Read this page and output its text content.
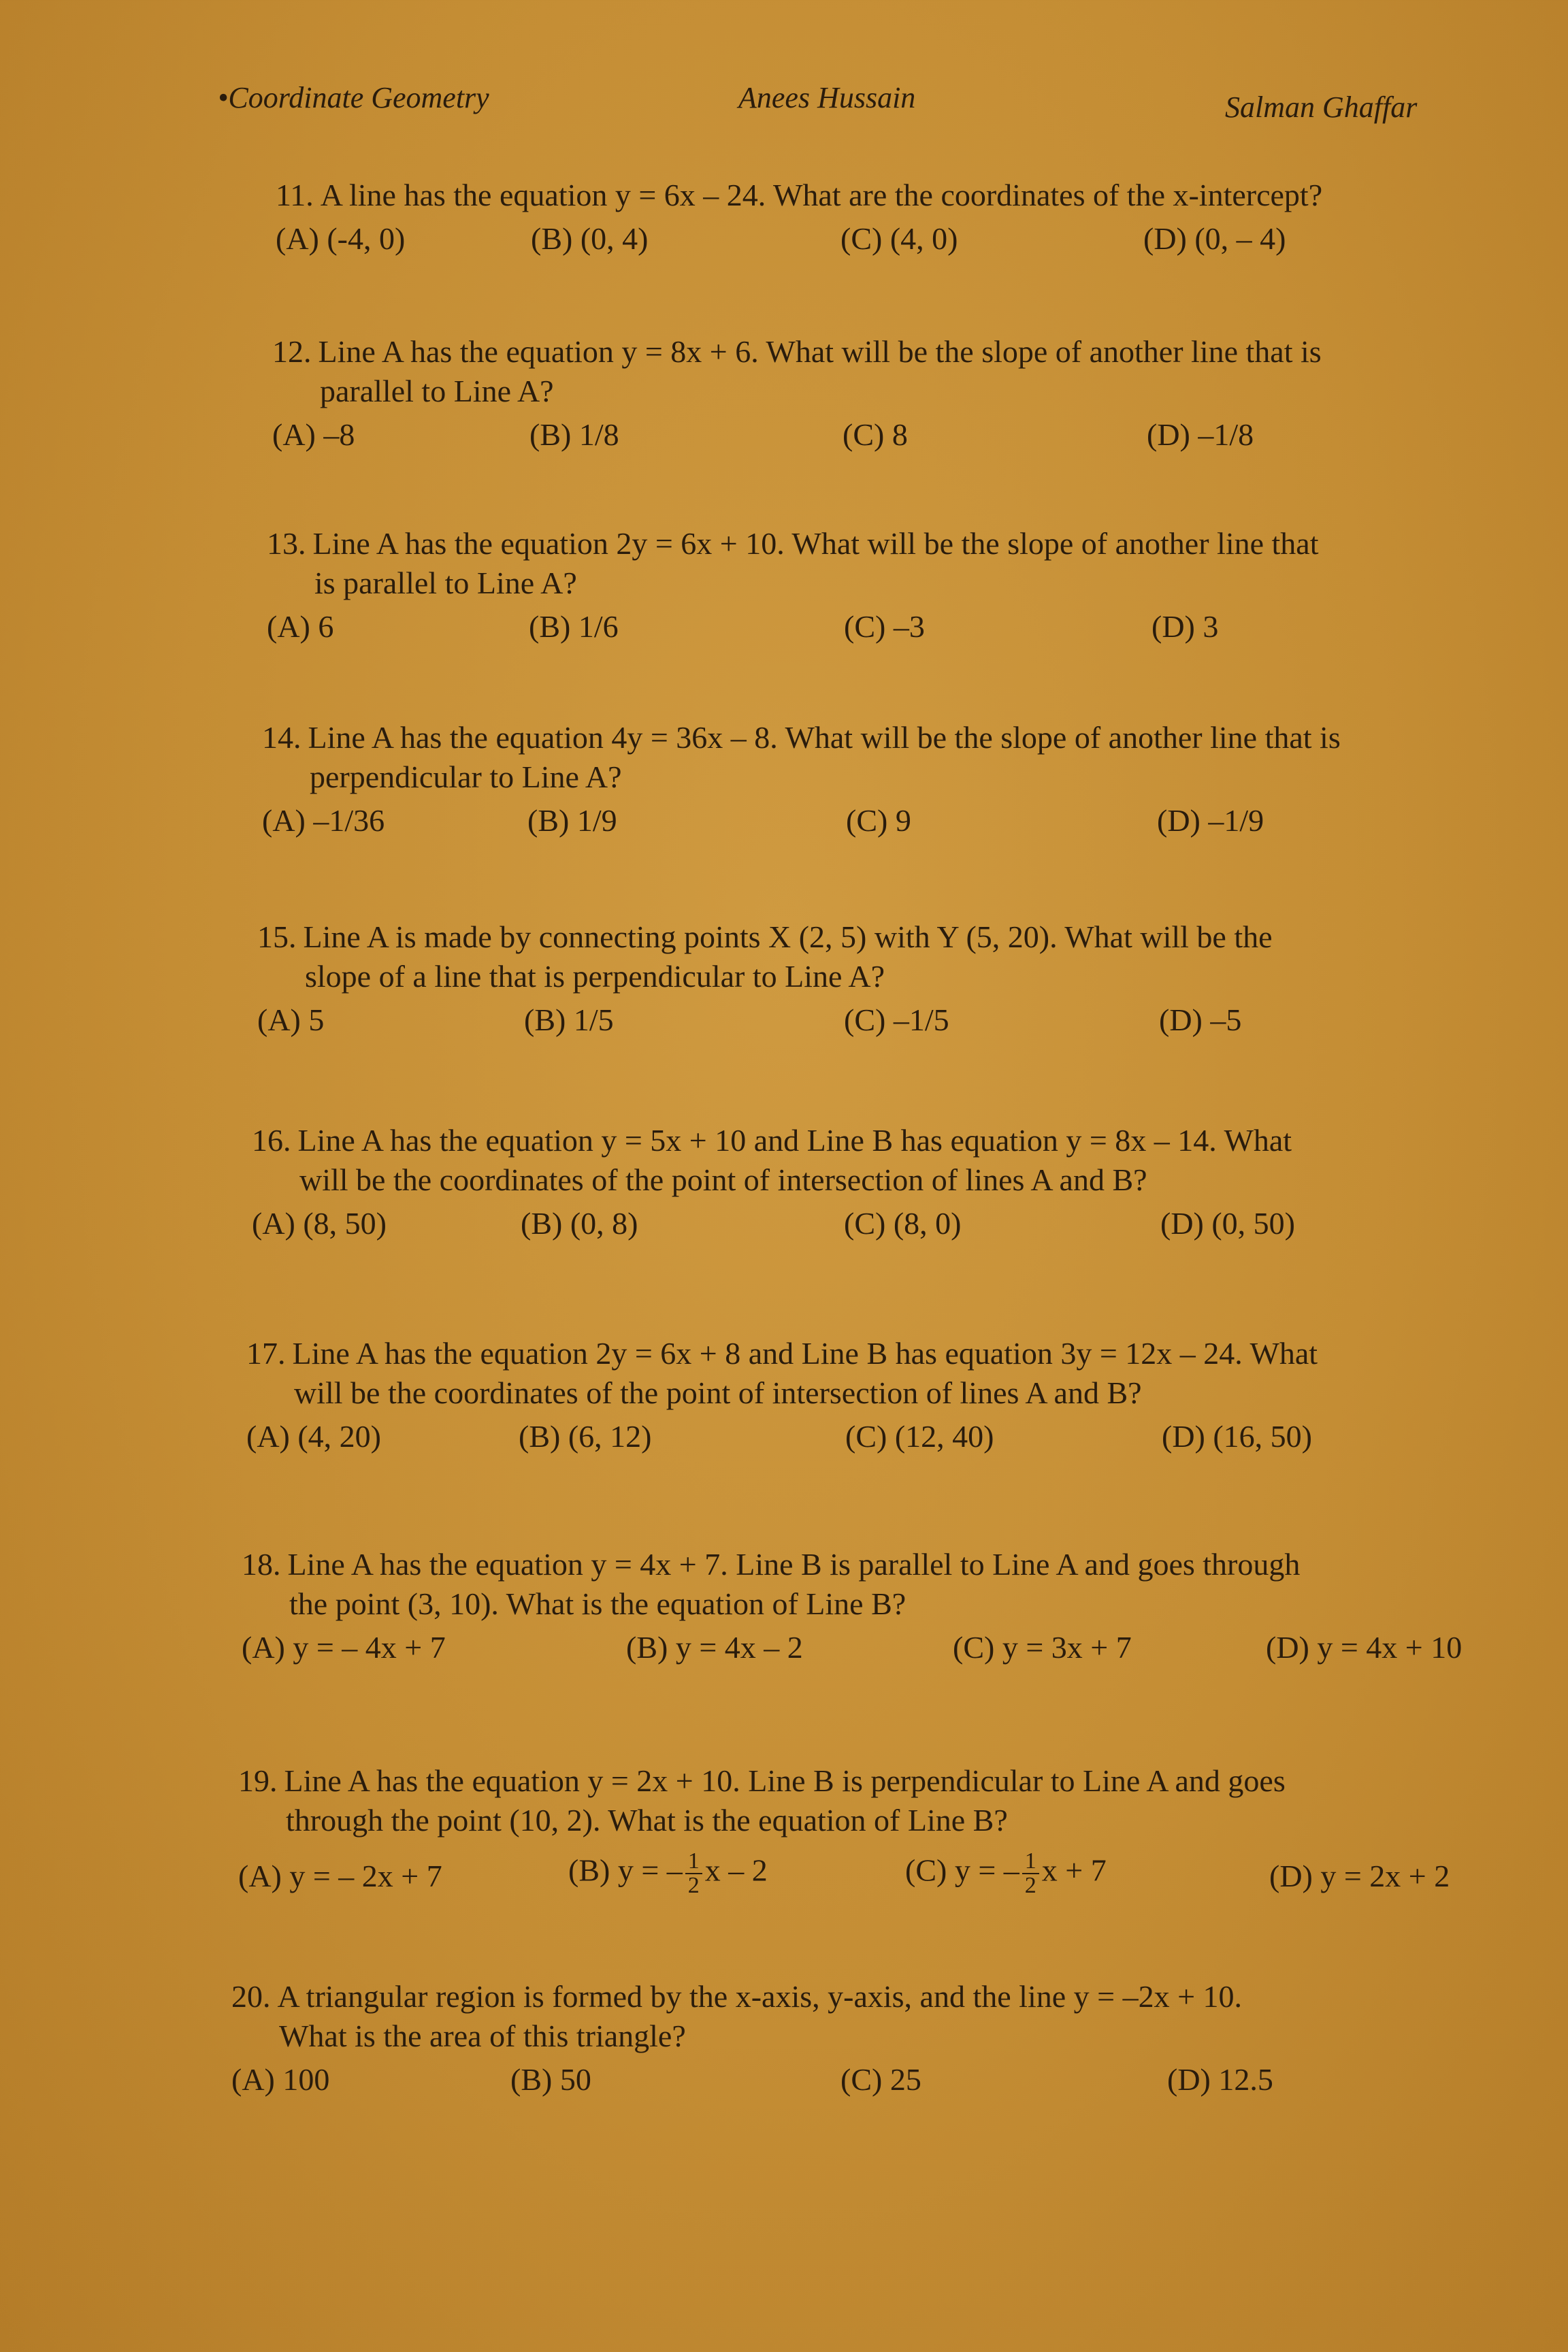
•Coordinate Geometry	Anees Hussain	Salman Ghaffar
11. A line has the equation y = 6x – 24. What are the coordinates of the x-intercept?
(A) (-4, 0)	(B) (0, 4)	(C) (4, 0)	(D) (0, – 4)
12. Line A has the equation y = 8x + 6. What will be the slope of another line that is
parallel to Line A?
(A) –8	(B) 1/8	(C) 8	(D) –1/8
13. Line A has the equation 2y = 6x + 10. What will be the slope of another line that
is parallel to Line A?
(A) 6	(B) 1/6	(C) –3	(D) 3
14. Line A has the equation 4y = 36x – 8. What will be the slope of another line that is
perpendicular to Line A?
(A) –1/36	(B) 1/9	(C) 9	(D) –1/9
15. Line A is made by connecting points X (2, 5) with Y (5, 20). What will be the
slope of a line that is perpendicular to Line A?
(A) 5	(B) 1/5	(C) –1/5	(D) –5
16. Line A has the equation y = 5x + 10 and Line B has equation y = 8x – 14. What
will be the coordinates of the point of intersection of lines A and B?
(A) (8, 50)	(B) (0, 8)	(C) (8, 0)	(D) (0, 50)
17. Line A has the equation 2y = 6x + 8 and Line B has equation 3y = 12x – 24. What
will be the coordinates of the point of intersection of lines A and B?
(A) (4, 20)	(B) (6, 12)	(C) (12, 40)	(D) (16, 50)
18. Line A has the equation y = 4x + 7. Line B is parallel to Line A and goes through
the point (3, 10). What is the equation of Line B?
(A) y = – 4x + 7	(B) y = 4x – 2	(C) y = 3x + 7	(D) y = 4x + 10
19. Line A has the equation y = 2x + 10. Line B is perpendicular to Line A and goes
through the point (10, 2). What is the equation of Line B?
(A) y = – 2x + 7	(B) y = – $\frac{1}{2}$ x – 2	(C) y = – $\frac{1}{2}$ x + 7	(D) y = 2x + 2
20. A triangular region is formed by the x-axis, y-axis, and the line y = –2x + 10.
What is the area of this triangle?
(A) 100	(B) 50	(C) 25	(D) 12.5
